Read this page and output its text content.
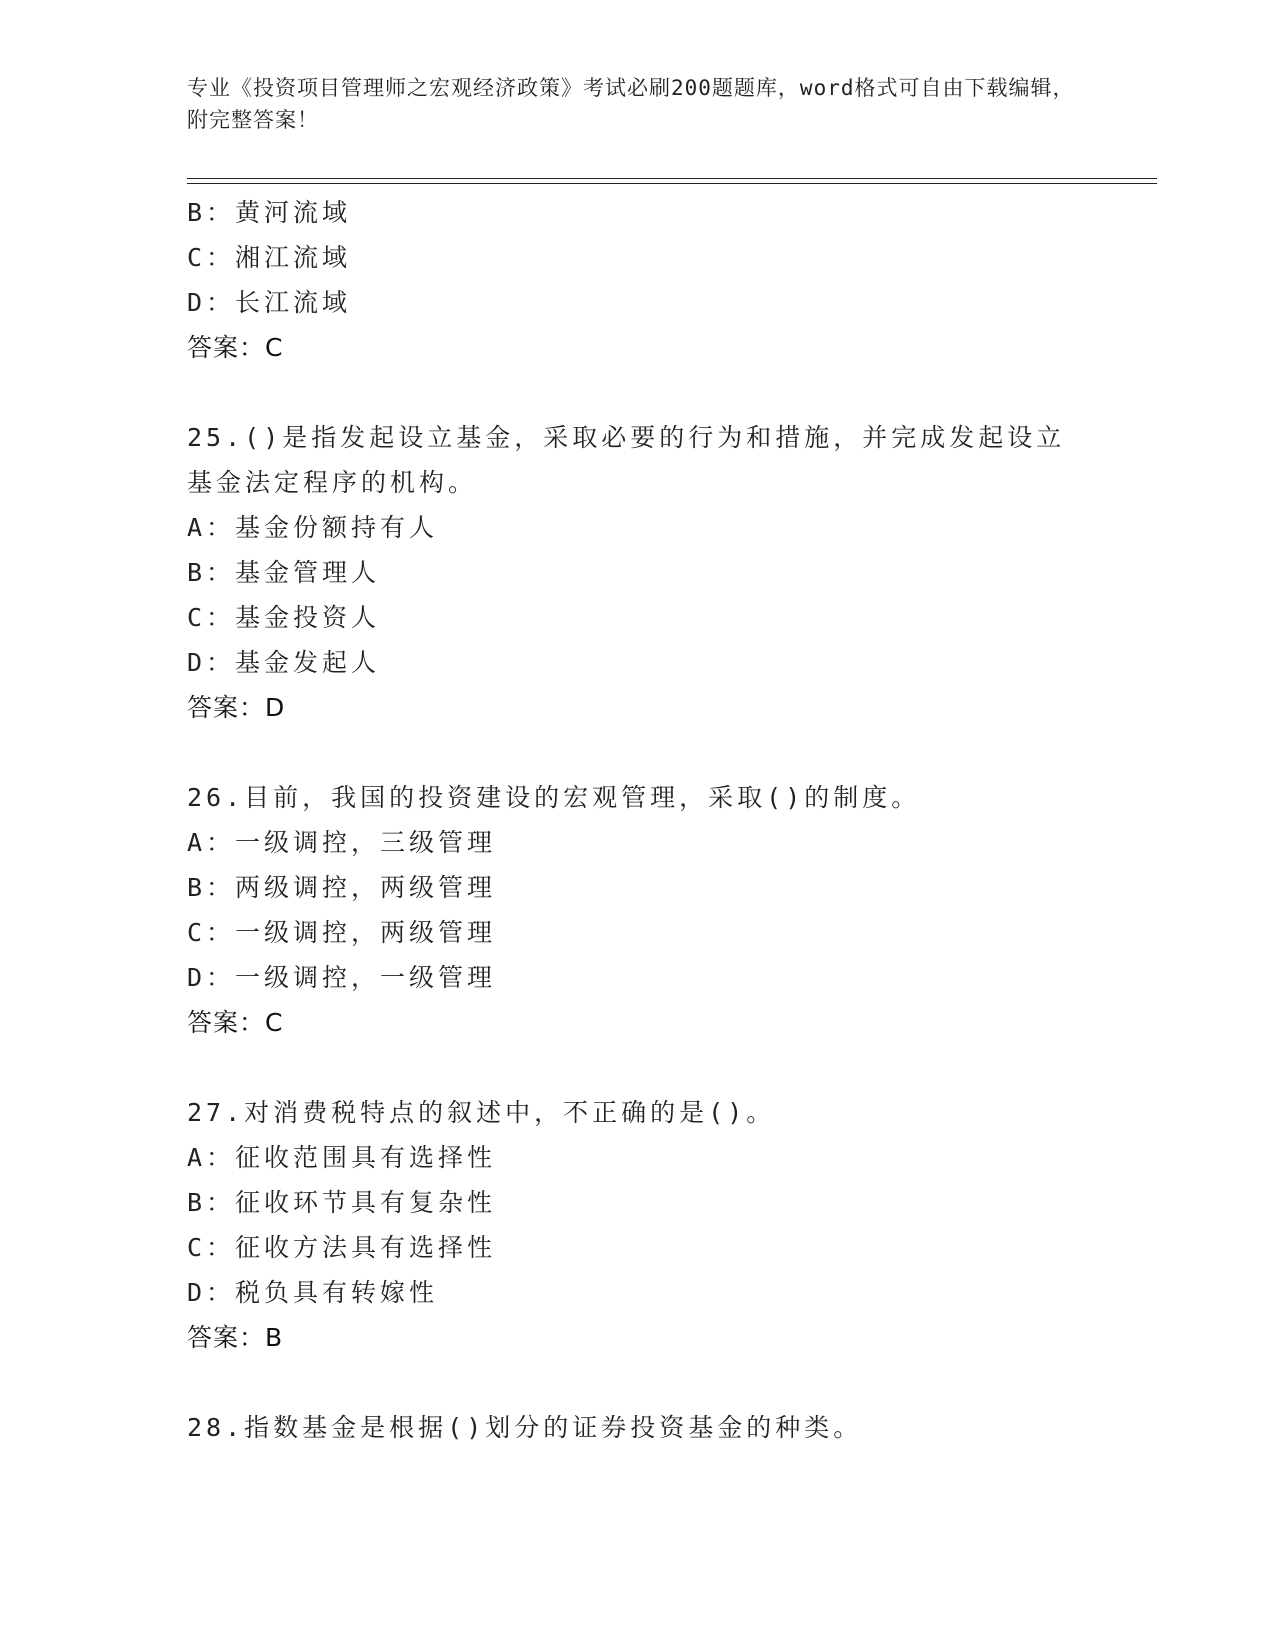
专业《投资项目管理师之宏观经济政策》考试必刷200题题库，word格式可自由下载编辑，附完整答案！
B：黄河流域
C：湘江流域
D：长江流域
答案：C
25.()是指发起设立基金，采取必要的行为和措施，并完成发起设立基金法定程序的机构。
A：基金份额持有人
B：基金管理人
C：基金投资人
D：基金发起人
答案：D
26.目前，我国的投资建设的宏观管理，采取()的制度。
A：一级调控，三级管理
B：两级调控，两级管理
C：一级调控，两级管理
D：一级调控，一级管理
答案：C
27.对消费税特点的叙述中，不正确的是()。
A：征收范围具有选择性
B：征收环节具有复杂性
C：征收方法具有选择性
D：税负具有转嫁性
答案：B
28.指数基金是根据()划分的证券投资基金的种类。
